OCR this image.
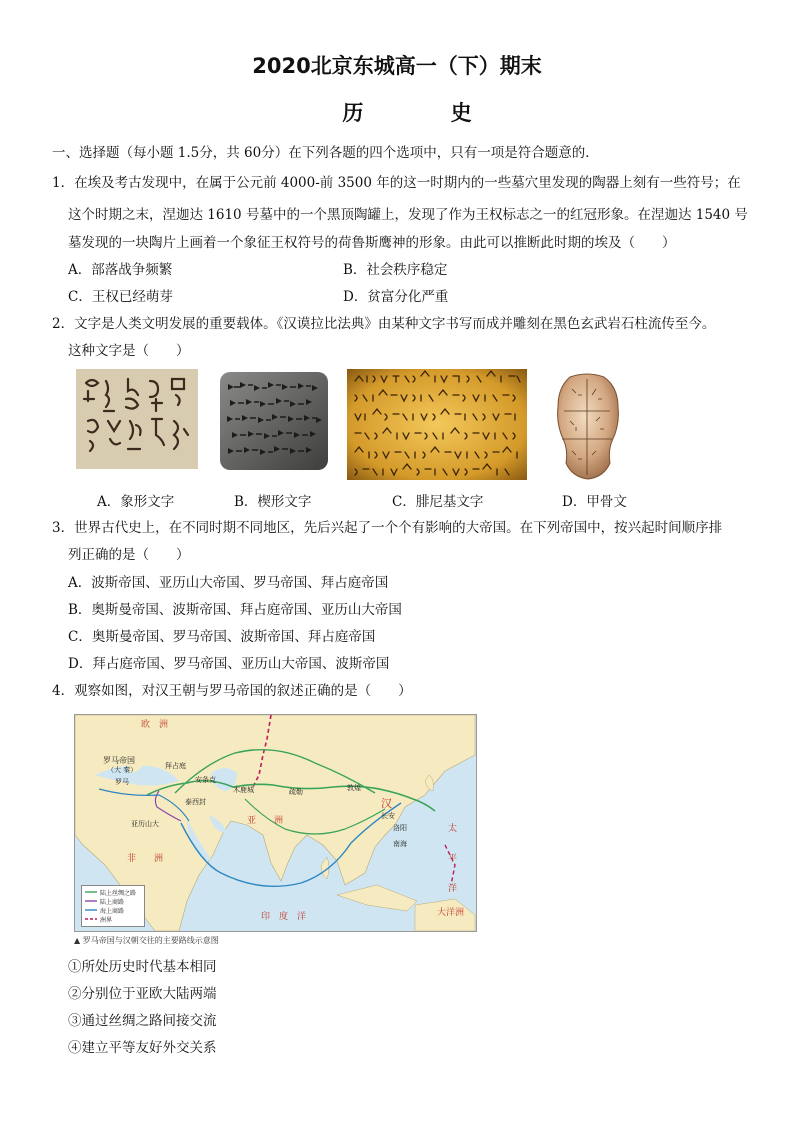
2020北京东城高一（下）期末
历 史
一、选择题（每小题 1.5分，共 60分）在下列各题的四个选项中，只有一项是符合题意的．
1．在埃及考古发现中，在属于公元前 4000-前 3500 年的这一时期内的一些墓穴里发现的陶器上刻有一些符号；在
这个时期之末，涅迦达 1610 号墓中的一个黑顶陶罐上，发现了作为王权标志之一的红冠形象。在涅迦达 1540 号
墓发现的一块陶片上画着一个象征王权符号的荷鲁斯鹰神的形象。由此可以推断此时期的埃及（　　）
A．部落战争频繁	B．社会秩序稳定
C．王权已经萌芽	D．贫富分化严重
2．文字是人类文明发展的重要载体。《汉谟拉比法典》由某种文字书写而成并雕刻在黑色玄武岩石柱流传至今。
这种文字是（　　）
A．象形文字	B．楔形文字	C．腓尼基文字	D．甲骨文
3．世界古代史上，在不同时期不同地区，先后兴起了一个个有影响的大帝国。在下列帝国中，按兴起时间顺序排
列正确的是（　　）
A．波斯帝国、亚历山大帝国、罗马帝国、拜占庭帝国
B．奥斯曼帝国、波斯帝国、拜占庭帝国、亚历山大帝国
C．奥斯曼帝国、罗马帝国、波斯帝国、拜占庭帝国
D．拜占庭帝国、罗马帝国、亚历山大帝国、波斯帝国
4．观察如图，对汉王朝与罗马帝国的叙述正确的是（　　）
欧　洲
罗马帝国
（大 秦）	拜占庭
罗马	安条克
泰西封
亚历山大
木鹿城	疏勒	敦煌
汉
长安
洛阳
南海
亚　　洲
非　　洲
印　度　洋
太　平　洋
大洋洲
陆上丝绸之路
陆上商路
海上商路
洲界
▲ 罗马帝国与汉朝交往的主要路线示意图
①所处历史时代基本相同
②分别位于亚欧大陆两端
③通过丝绸之路间接交流
④建立平等友好外交关系
